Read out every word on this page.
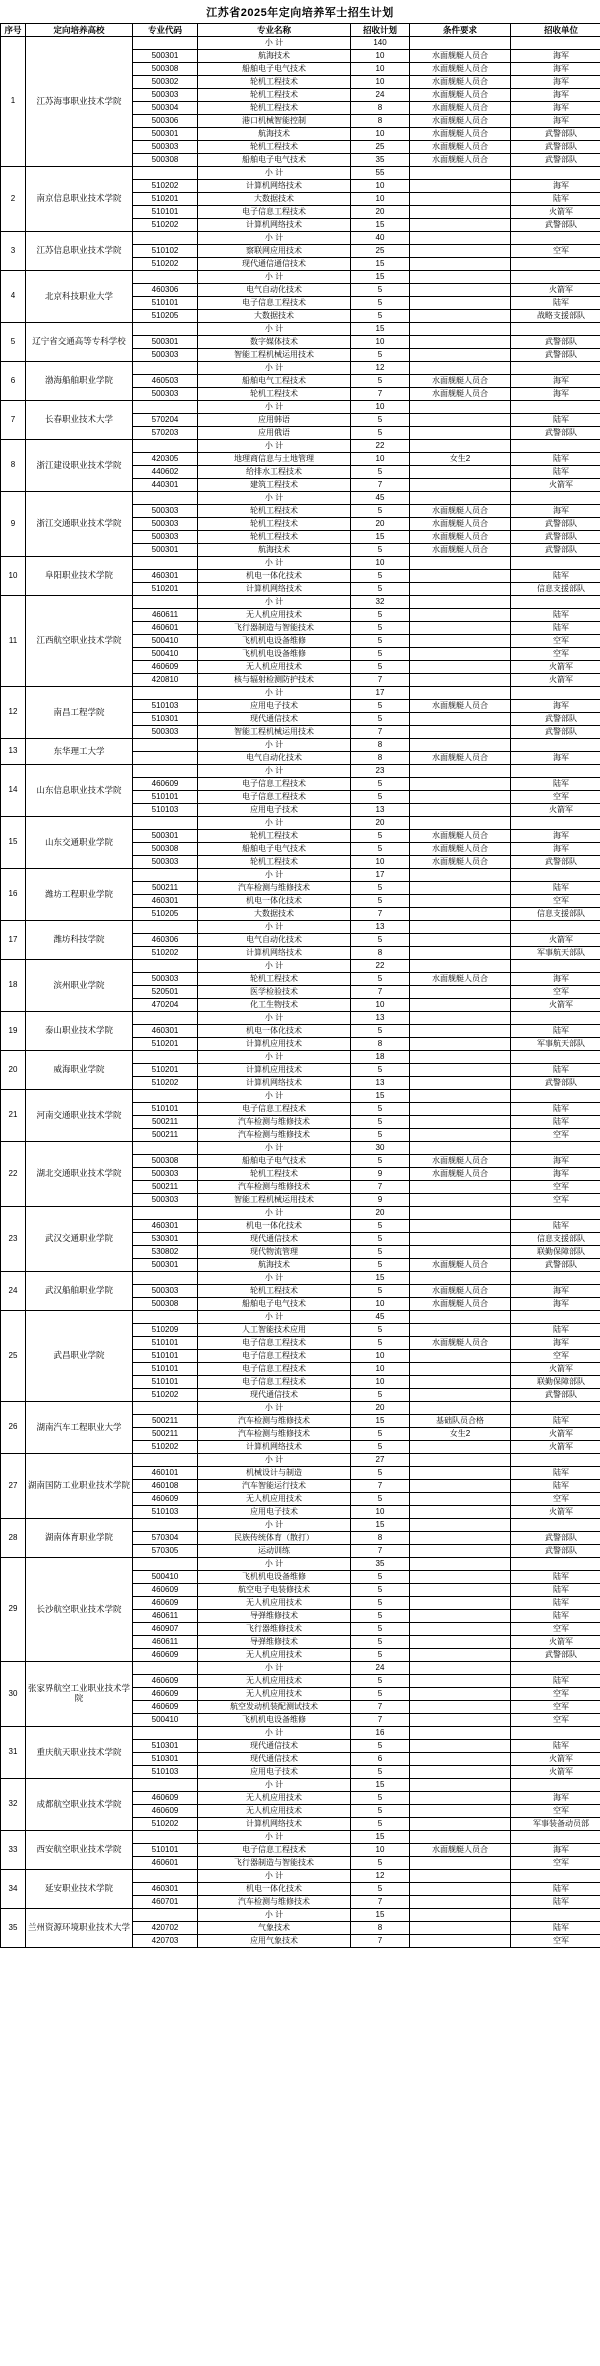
江苏省2025年定向培养军士招生计划
序号	定向培养高校	专业代码	专业名称	招收计划	条件要求	招收单位
1	江苏海事职业技术学院		小 计	140		
		500301	航海技术	10	水面舰艇人员合	海军
		500308	船舶电子电气技术	10	水面舰艇人员合	海军
		500302	轮机工程技术	10	水面舰艇人员合	海军
		500303	轮机工程技术	24	水面舰艇人员合	海军
		500304	轮机工程技术	8	水面舰艇人员合	海军
		500306	港口机械智能控制	8	水面舰艇人员合	海军
		500301	航海技术	10	水面舰艇人员合	武警部队
		500303	轮机工程技术	25	水面舰艇人员合	武警部队
		500308	船舶电子电气技术	35	水面舰艇人员合	武警部队
2	南京信息职业技术学院		小 计	55		
		510202	计算机网络技术	10		海军
		510201	大数据技术	10		陆军
		510101	电子信息工程技术	20		火箭军
		510202	计算机网络技术	15		武警部队
3	江苏信息职业技术学院		小 计	40		
		510102	察联网应用技术	25		空军
		510202	现代通信通信技术	15		
4	北京科技职业大学		小 计	15		
		460306	电气自动化技术	5		火箭军
		510101	电子信息工程技术	5		陆军
		510205	大数据技术	5		战略支援部队
5	辽宁省交通高等专科学校		小 计	15		
		500301	数字媒体技术	10		武警部队
		500303	智能工程机械运用技术	5		武警部队
6	渤海船舶职业学院		小 计	12		
		460503	船舶电气工程技术	5	水面舰艇人员合	海军
		500303	轮机工程技术	7	水面舰艇人员合	海军
7	长春职业技术大学		小 计	10		
		570204	应用韩语	5		陆军
		570203	应用俄语	5		武警部队
8	浙江建设职业技术学院		小 计	22		
		420305	地理商信息与土地管理	10	女生2	陆军
		440602	给排水工程技术	5		陆军
		440301	建筑工程技术	7		火箭军
9	浙江交通职业技术学院		小 计	45		
		500303	轮机工程技术	5	水面舰艇人员合	海军
		500303	轮机工程技术	20	水面舰艇人员合	武警部队
		500303	轮机工程技术	15	水面舰艇人员合	武警部队
		500301	航海技术	5	水面舰艇人员合	武警部队
10	阜阳职业技术学院		小 计	10		
		460301	机电一体化技术	5		陆军
		510201	计算机网络技术	5		信息支援部队
11	江西航空职业技术学院		小 计	32		
		460611	无人机应用技术	5		陆军
		460601	飞行器制造与智能技术	5		陆军
		500410	飞机机电设备维修	5		空军
		500410	飞机机电设备维修	5		空军
		460609	无人机应用技术	5		火箭军
		420810	核与辐射检测防护技术	7		火箭军
12	南昌工程学院		小 计	17		
		510103	应用电子技术	5	水面舰艇人员合	海军
		510301	现代通信技术	5		武警部队
		500303	智能工程机械运用技术	7		武警部队
13	东华理工大学		小 计	8		
			电气自动化技术	8	水面舰艇人员合	海军
14	山东信息职业技术学院		小 计	23		
		460609	电子信息工程技术	5		陆军
		510101	电子信息工程技术	5		空军
		510103	应用电子技术	13		火箭军
15	山东交通职业学院		小 计	20		
		500301	轮机工程技术	5	水面舰艇人员合	海军
		500308	船舶电子电气技术	5	水面舰艇人员合	海军
		500303	轮机工程技术	10	水面舰艇人员合	武警部队
16	潍坊工程职业学院		小 计	17		
		500211	汽车检测与维修技术	5		陆军
		460301	机电一体化技术	5		空军
		510205	大数据技术	7		信息支援部队
17	潍坊科技学院		小 计	13		
		460306	电气自动化技术	5		火箭军
		510202	计算机网络技术	8		军事航天部队
18	滨州职业学院		小 计	22		
		500303	轮机工程技术	5	水面舰艇人员合	海军
		520501	医学检验技术	7		空军
		470204	化工生物技术	10		火箭军
19	泰山职业技术学院		小 计	13		
		460301	机电一体化技术	5		陆军
		510201	计算机应用技术	8		军事航天部队
20	威海职业学院		小 计	18		
		510201	计算机应用技术	5		陆军
		510202	计算机网络技术	13		武警部队
21	河南交通职业技术学院		小 计	15		
		510101	电子信息工程技术	5		陆军
		500211	汽车检测与维修技术	5		陆军
		500211	汽车检测与维修技术	5		空军
22	湖北交通职业技术学院		小 计	30		
		500308	船舶电子电气技术	5	水面舰艇人员合	海军
		500303	轮机工程技术	9	水面舰艇人员合	海军
		500211	汽车检测与维修技术	7		空军
		500303	智能工程机械运用技术	9		空军
23	武汉交通职业学院		小 计	20		
		460301	机电一体化技术	5		陆军
		530301	现代通信技术	5		信息支援部队
		530802	现代物流管理	5		联勤保障部队
		500301	航海技术	5	水面舰艇人员合	武警部队
24	武汉船舶职业学院		小 计	15		
		500303	轮机工程技术	5	水面舰艇人员合	海军
		500308	船舶电子电气技术	10	水面舰艇人员合	海军
25	武昌职业学院		小 计	45		
		510209	人工智能技术应用	5		陆军
		510101	电子信息工程技术	5	水面舰艇人员合	海军
		510101	电子信息工程技术	10		空军
		510101	电子信息工程技术	10		火箭军
		510101	电子信息工程技术	10		联勤保障部队
		510202	现代通信技术	5		武警部队
26	湖南汽车工程职业大学		小 计	20		
		500211	汽车检测与维修技术	15	基础队员合格	陆军
		500211	汽车检测与维修技术	5	女生2	火箭军
		510202	计算机网络技术	5		火箭军
27	湖南国防工业职业技术学院		小 计	27		
		460101	机械设计与制造	5		陆军
		460108	汽车智能运行技术	7		陆军
		460609	无人机应用技术	5		空军
		510103	应用电子技术	10		火箭军
28	湖南体育职业学院		小 计	15		
		570304	民族传统体育（散打）	8		武警部队
		570305	运动训练	7		武警部队
29	长沙航空职业技术学院		小 计	35		
		500410	飞机机电设备维修	5		陆军
		460609	航空电子电装修技术	5		陆军
		460609	无人机应用技术	5		陆军
		460611	导弹维修技术	5		陆军
		460907	飞行器维修技术	5		空军
		460611	导弹维修技术	5		火箭军
		460609	无人机应用技术	5		武警部队
30	张家界航空工业职业技术学院		小 计	24		
		460609	无人机应用技术	5		陆军
		460609	无人机应用技术	5		空军
		460609	航空发动机装配测试技术	7		空军
		500410	飞机机电设备维修	7		空军
31	重庆航天职业技术学院		小 计	16		
		510301	现代通信技术	5		陆军
		510301	现代通信技术	6		火箭军
		510103	应用电子技术	5		火箭军
32	成都航空职业技术学院		小 计	15		
		460609	无人机应用技术	5		海军
		460609	无人机应用技术	5		空军
		510202	计算机网络技术	5		军事装备动员部
33	西安航空职业技术学院		小 计	15		
		510101	电子信息工程技术	10	水面舰艇人员合	海军
		460601	飞行器制造与智能技术	5		空军
34	延安职业技术学院		小 计	12		
		460301	机电一体化技术	5		陆军
		460701	汽车检测与维修技术	7		陆军
35	兰州资源环境职业技术大学		小 计	15		
		420702	气象技术	8		陆军
		420703	应用气象技术	7		空军
